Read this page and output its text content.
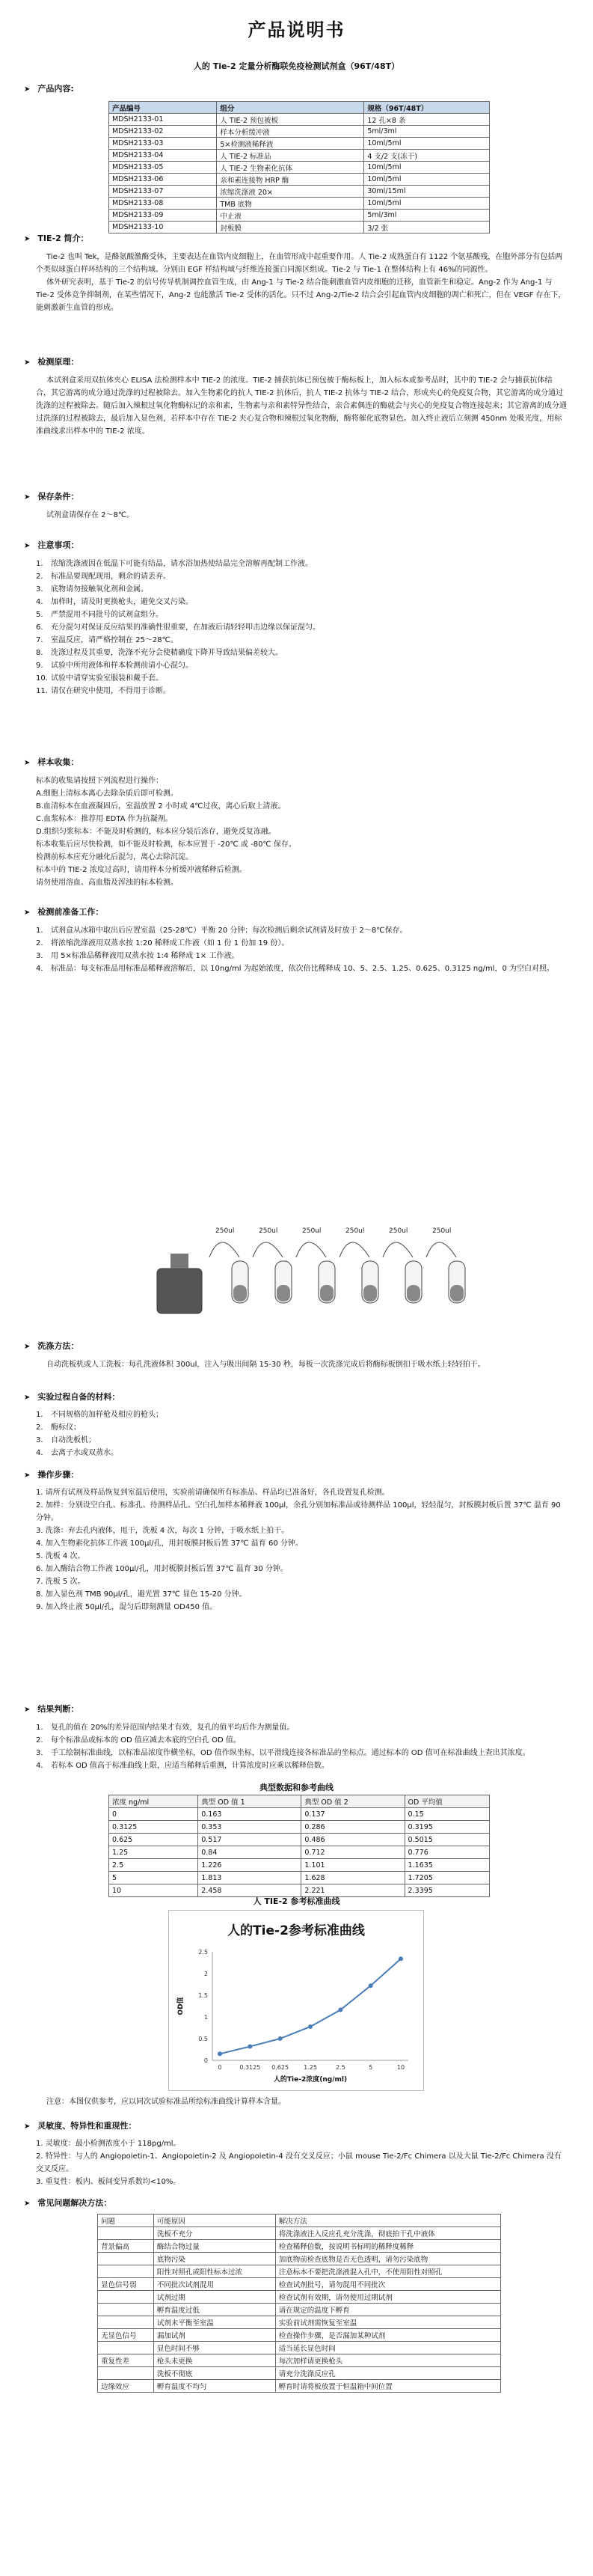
产品说明书
人的 Tie-2 定量分析酶联免疫检测试剂盒（96T/48T）
➤ 产品内容:
产品编号	组分	规格（96T/48T）
MDSH2133-01	人 TIE-2 预包被板	12 孔×8 条
MDSH2133-02	样本分析缓冲液	5ml/3ml
MDSH2133-03	5×检测液稀释液	10ml/5ml
MDSH2133-04	人 TIE-2 标准品	4 支/2 支(冻干)
MDSH2133-05	人 TIE-2 生物素化抗体	10ml/5ml
MDSH2133-06	亲和素连接物 HRP 酶	10ml/5ml
MDSH2133-07	浓缩洗涤液 20×	30ml/15ml
MDSH2133-08	TMB 底物	10ml/5ml
MDSH2133-09	中止液	5ml/3ml
MDSH2133-10	封板膜	3/2 张
➤ TIE-2 简介：

Tie-2 也叫 Tek，是酪氨酸激酶受体，主要表达在血管内皮细胞上，在血管形成中起重要作用。人 Tie-2 成熟蛋白有 1122 个氨基酸残，在胞外部分有包括两个类似球蛋白样环结构的三个结构域、分别由 EGF 样结构域与纤维连接蛋白同源区组成。Tie-2 与 Tie-1 在整体结构上有 46%的同源性。

体外研究表明，基于 Tie-2 的信号传导机制调控血管生成，由 Ang-1 与 Tie-2 结合能刺激血管内皮细胞的迁移，血管新生和稳定。Ang-2 作为 Ang-1 与 Tie-2 受体竞争抑制剂，在某些情况下，Ang-2 也能激活 Tie-2 受体的活化。只不过 Ang-2/Tie-2 结合会引起血管内皮细胞的凋亡和死亡，但在 VEGF 存在下，能刺激新生血管的形成。

➤ 检测原理：

本试剂盒采用双抗体夹心 ELISA 法检测样本中 TIE-2 的浓度。TIE-2 捕获抗体已预包被于酶标板上，加入标本或参考品时，其中的 TIE-2 会与捕获抗体结合，其它游离的成分通过洗涤的过程被除去。加入生物素化的抗人 TIE-2 抗体后，抗人 TIE-2 抗体与 TIE-2 结合，形成夹心的免疫复合物，其它游离的成分通过洗涤的过程被除去。随后加入辣根过氧化物酶标记的亲和素，生物素与亲和素特异性结合，亲合素偶连的酶就会与夹心的免疫复合物连接起来；其它游离的成分通过洗涤的过程被除去，最后加入显色剂，若样本中存在 TIE-2 夹心复合物和辣根过氧化物酶，酶将催化底物显色。加入终止液后立刻测 450nm 处吸光度，用标准曲线求出样本中的 TIE-2 浓度。

➤ 保存条件：

试剂盒请保存在 2～8℃。

➤ 注意事项：
1. 浓缩洗涤液因在低温下可能有结晶，请水浴加热使结晶完全溶解再配制工作液。
2. 标准品要现配现用，剩余的请丢弃。
3. 底物请勿接触氧化剂和金属。
4. 加样时，请及时更换枪头，避免交叉污染。
5. 严禁混用不同批号的试剂盒组分。
6. 充分混匀对保证反应结果的准确性很重要，在加液后请轻轻叩击边缘以保证混匀。
7. 室温反应，请严格控制在 25～28℃。
8. 洗涤过程及其重要，洗涤不充分会使精确度下降并导致结果偏差较大。
9. 试验中所用液体和样本检测前请小心混匀。
10. 试验中请穿实验室服装和戴手套。
11. 请仅在研究中使用，不得用于诊断。
➤ 样本收集：
标本的收集请按照下列流程进行操作：
A.细胞上清标本离心去除杂质后即可检测。
B.血清标本在血液凝固后，室温放置 2 小时或 4℃过夜，离心后取上清液。
C.血浆标本：推荐用 EDTA 作为抗凝剂。
D.组织匀浆标本：不能及时检测的，标本应分装后冻存，避免反复冻融。
标本收集后应尽快检测，如不能及时检测，标本应置于 -20℃ 或 -80℃ 保存。
检测前标本应充分融化后混匀，离心去除沉淀。
标本中的 TIE-2 浓度过高时，请用样本分析缓冲液稀释后检测。
请勿使用溶血、高血脂及浑浊的标本检测。
➤ 检测前准备工作：
1. 试剂盒从冰箱中取出后应置室温（25-28℃）平衡 20 分钟；每次检测后剩余试剂请及时放于 2～8℃保存。
2. 将浓缩洗涤液用双蒸水按 1:20 稀释成工作液（如 1 份 1 份加 19 份）。
3. 用 5×标准品稀释液用双蒸水按 1:4 稀释成 1× 工作液。
4. 标准品：每支标准品用标准品稀释液溶解后，以 10ng/ml 为起始浓度，依次倍比稀释成 10、5、2.5、1.25、0.625、0.3125 ng/ml，0 为空白对照。
250ul	250ul	250ul	250ul	250ul	250ul
➤ 洗涤方法：

自动洗板机或人工洗板：每孔洗液体积 300ul，注入与吸出间隔 15-30 秒，每板一次洗涤完成后将酶标板倒扣于吸水纸上轻轻拍干。

➤ 实验过程自备的材料：
1. 不同规格的加样枪及相应的枪头；
2. 酶标仪；
3. 自动洗板机；
4. 去离子水或双蒸水。
➤ 操作步骤：
1. 请所有试剂及样品恢复到室温后使用，实验前请确保所有标准品、样品均已准备好，各孔设置复孔检测。
2. 加样：分别设空白孔、标准孔、待测样品孔。空白孔加样本稀释液 100μl，余孔分别加标准品或待测样品 100μl，轻轻混匀，封板膜封板后置 37℃ 温育 90 分钟。
3. 洗涤：弃去孔内液体，甩干，洗板 4 次，每次 1 分钟，于吸水纸上拍干。
4. 加入生物素化抗体工作液 100μl/孔，用封板膜封板后置 37℃ 温育 60 分钟。
5. 洗板 4 次。
6. 加入酶结合物工作液 100μl/孔，用封板膜封板后置 37℃ 温育 30 分钟。
7. 洗板 5 次。
8. 加入显色剂 TMB 90μl/孔，避光置 37℃ 显色 15-20 分钟。
9. 加入终止液 50μl/孔，混匀后即刻测量 OD450 值。
➤ 结果判断：
1. 复孔的值在 20%的差异范围内结果才有效，复孔的值平均后作为测量值。
2. 每个标准品或标本的 OD 值应减去本底的空白孔 OD 值。
3. 手工绘制标准曲线，以标准品浓度作横坐标，OD 值作纵坐标，以平滑线连接各标准品的坐标点。通过标本的 OD 值可在标准曲线上查出其浓度。
4. 若标本 OD 值高于标准曲线上限，应适当稀释后重测，计算浓度时应乘以稀释倍数。
典型数据和参考曲线
浓度 ng/ml	典型 OD 值 1	典型 OD 值 2	OD 平均值
0	0.163	0.137	0.15
0.3125	0.353	0.286	0.3195
0.625	0.517	0.486	0.5015
1.25	0.84	0.712	0.776
2.5	1.226	1.101	1.1635
5	1.813	1.628	1.7205
10	2.458	2.221	2.3395
人 TIE-2 参考标准曲线
人的Tie-2参考标准曲线
0
0.5
1
1.5
2
2.5
0	0.3125 0.625 1.25	2.5	5	10
人的Tie-2浓度(ng/ml)
OD值

注意：本图仅供参考，应以同次试验标准品所绘标准曲线计算样本含量。

➤ 灵敏度、特异性和重现性：
1. 灵敏度：最小检测浓度小于 118pg/ml。
2. 特异性：与人的 Angiopoietin-1、Angiopoietin-2 及 Angiopoietin-4 没有交叉反应；小鼠 mouse Tie-2/Fc Chimera 以及大鼠 Tie-2/Fc Chimera 没有交叉反应。
3. 重复性：板内、板间变异系数均<10%。
➤ 常见问题解决方法：
问题	可能原因	解决方法
	洗板不充分	将洗涤液注入反应孔充分洗涤，彻底拍干孔中液体
背景偏高	酶结合物过量	检查稀释倍数，按说明书标明的稀释度稀释
	底物污染	加底物前检查底物是否无色透明，请勿污染底物
	阳性对照孔或阳性标本过浓	注意标本不要把洗涤液混入孔中，不使用阳性对照孔
显色信号弱	不同批次试剂混用	检查试剂批号，请勿混用不同批次
	试剂过期	检查试剂有效期，请勿使用过期试剂
	孵育温度过低	请在规定的温度下孵育
	试剂未平衡至室温	实验前试剂需恢复至室温
无显色信号	漏加试剂	检查操作步骤，是否漏加某种试剂
	显色时间不够	适当延长显色时间
重复性差	枪头未更换	每次加样请更换枪头
	洗板不彻底	请充分洗涤反应孔
边缘效应	孵育温度不均匀	孵育时请将板放置于恒温箱中间位置
